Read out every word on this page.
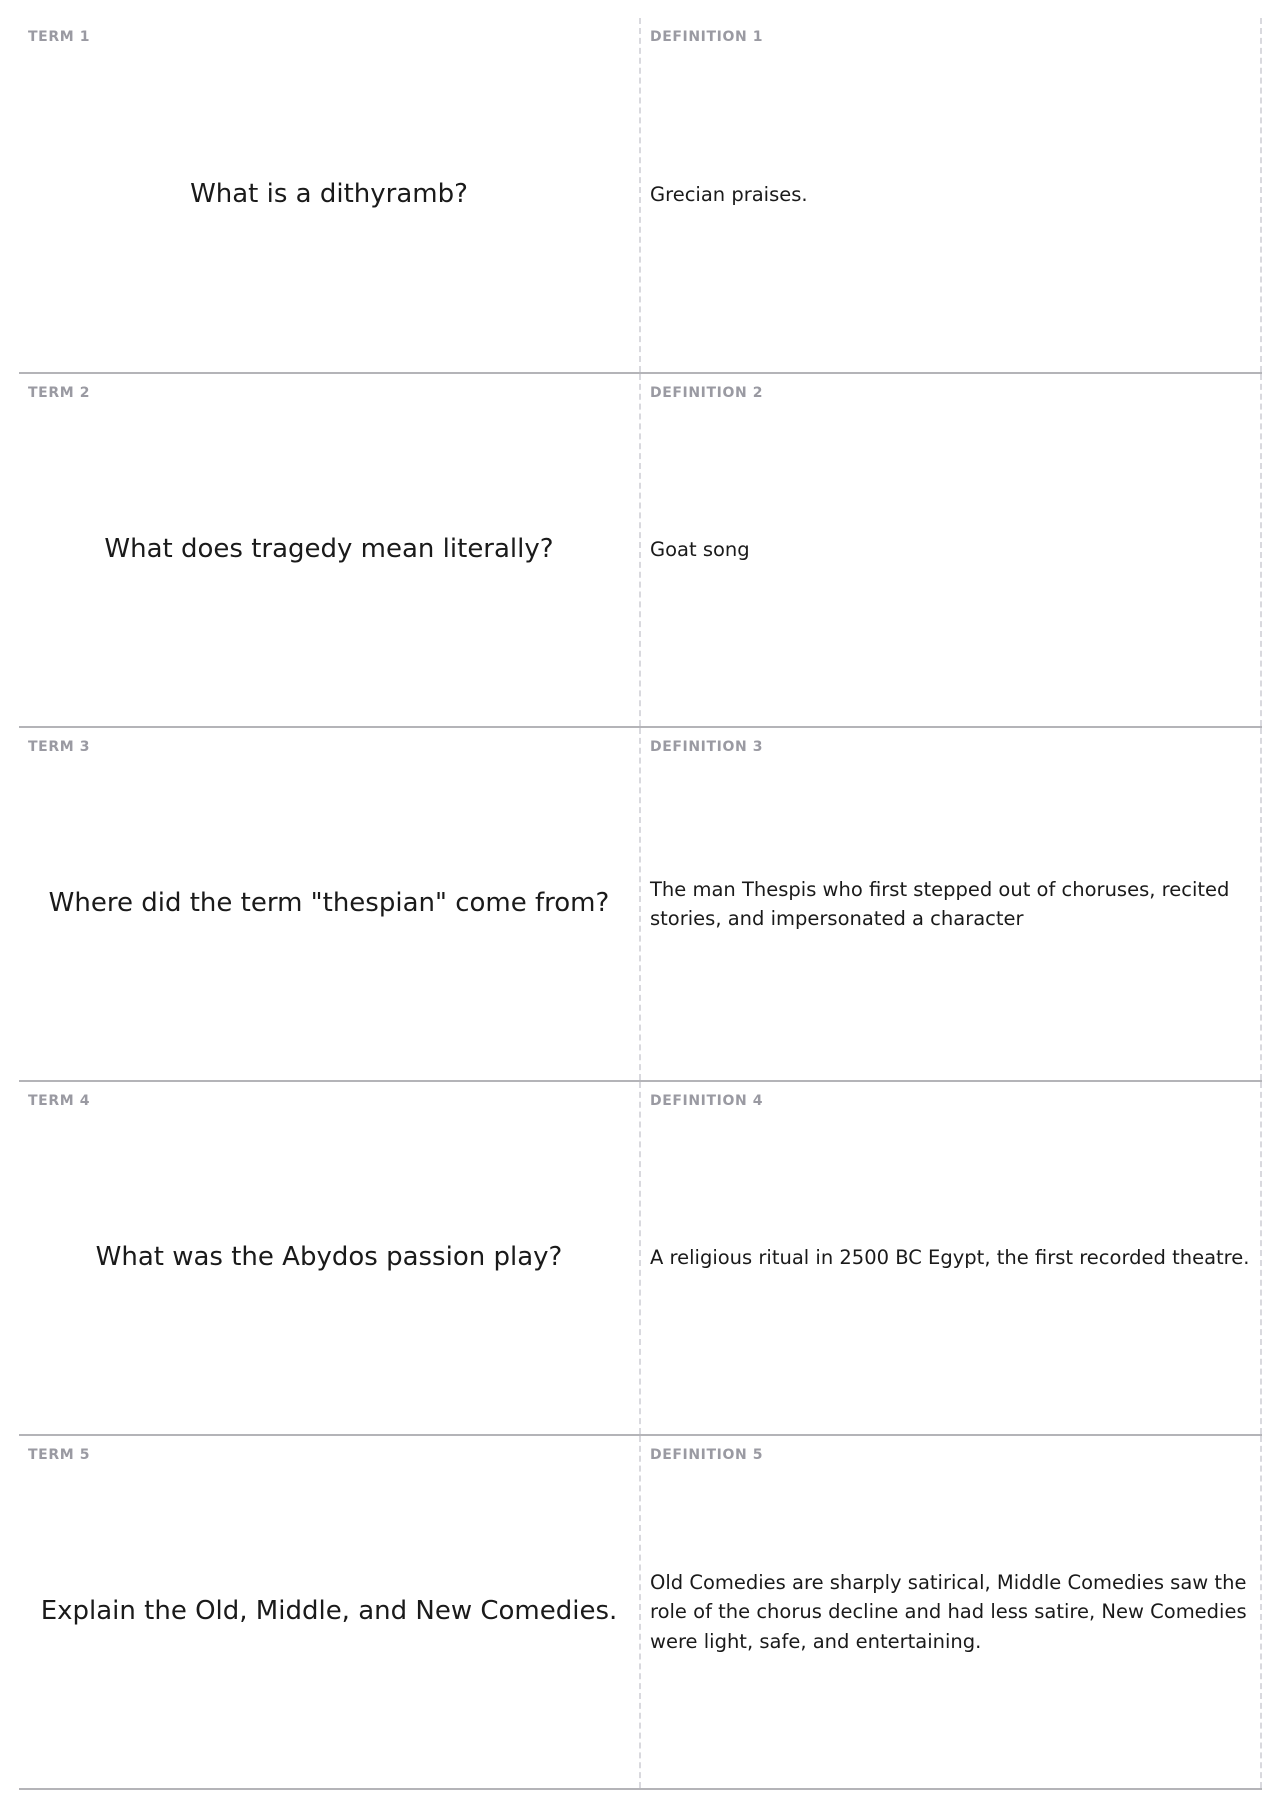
TERM 1
What is a dithyramb?
DEFINITION 1
Grecian praises.
TERM 2
What does tragedy mean literally?
DEFINITION 2
Goat song
TERM 3
Where did the term "thespian" come from?
DEFINITION 3
The man Thespis who first stepped out of choruses, recited stories, and impersonated a character
TERM 4
What was the Abydos passion play?
DEFINITION 4
A religious ritual in 2500 BC Egypt, the first recorded theatre.
TERM 5
Explain the Old, Middle, and New Comedies.
DEFINITION 5
Old Comedies are sharply satirical, Middle Comedies saw the role of the chorus decline and had less satire, New Comedies were light, safe, and entertaining.
